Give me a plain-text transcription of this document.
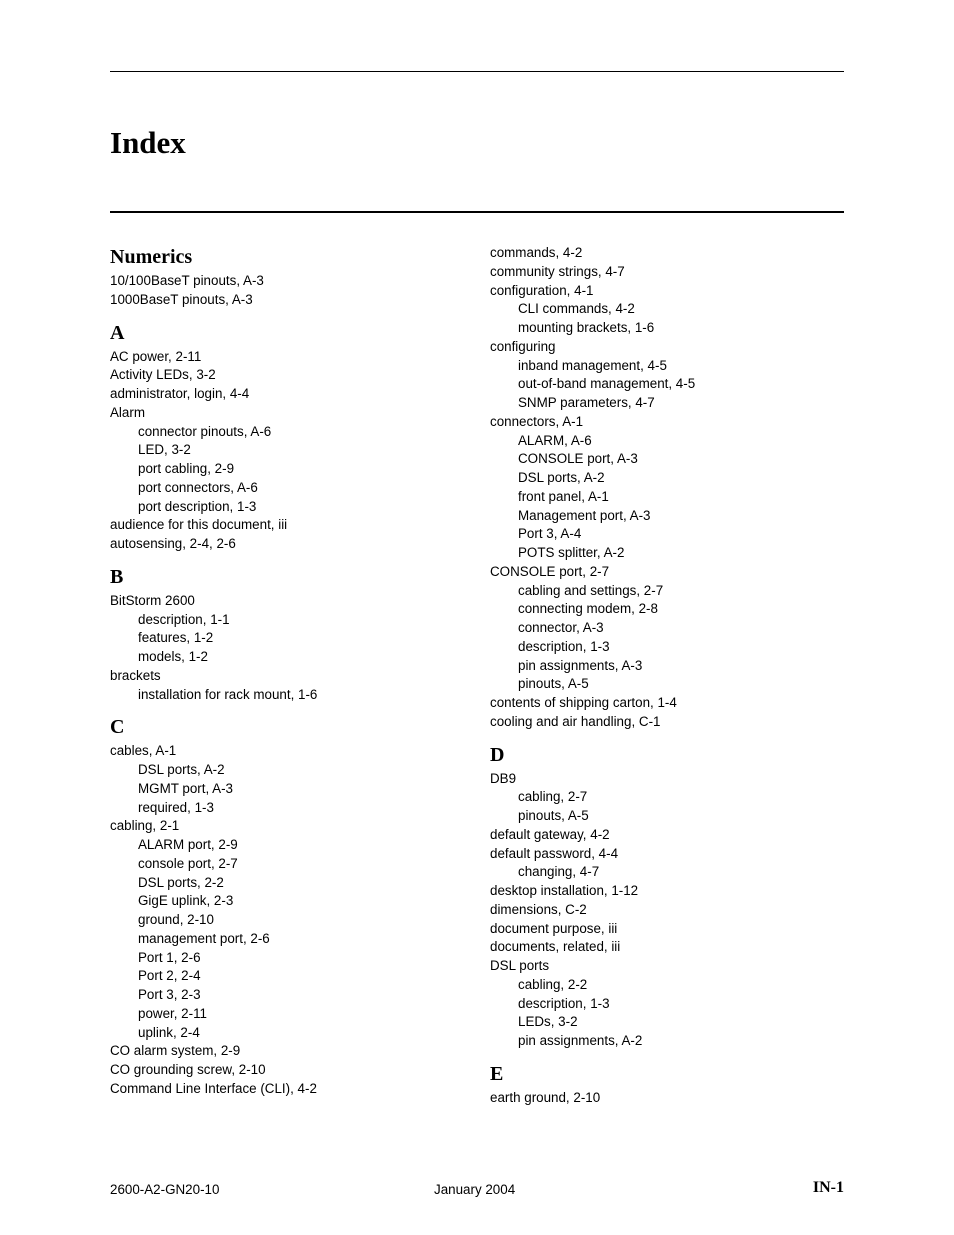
Index
Numerics
10/100BaseT pinouts, A-3
1000BaseT pinouts, A-3
A
AC power, 2-11
Activity LEDs, 3-2
administrator, login, 4-4
Alarm
connector pinouts, A-6
LED, 3-2
port cabling, 2-9
port connectors, A-6
port description, 1-3
audience for this document, iii
autosensing, 2-4, 2-6
B
BitStorm 2600
description, 1-1
features, 1-2
models, 1-2
brackets
installation for rack mount, 1-6
C
cables, A-1
DSL ports, A-2
MGMT port, A-3
required, 1-3
cabling, 2-1
ALARM port, 2-9
console port, 2-7
DSL ports, 2-2
GigE uplink, 2-3
ground, 2-10
management port, 2-6
Port 1, 2-6
Port 2, 2-4
Port 3, 2-3
power, 2-11
uplink, 2-4
CO alarm system, 2-9
CO grounding screw, 2-10
Command Line Interface (CLI), 4-2
commands, 4-2
community strings, 4-7
configuration, 4-1
CLI commands, 4-2
mounting brackets, 1-6
configuring
inband management, 4-5
out-of-band management, 4-5
SNMP parameters, 4-7
connectors, A-1
ALARM, A-6
CONSOLE port, A-3
DSL ports, A-2
front panel, A-1
Management port, A-3
Port 3, A-4
POTS splitter, A-2
CONSOLE port, 2-7
cabling and settings, 2-7
connecting modem, 2-8
connector, A-3
description, 1-3
pin assignments, A-3
pinouts, A-5
contents of shipping carton, 1-4
cooling and air handling, C-1
D
DB9
cabling, 2-7
pinouts, A-5
default gateway, 4-2
default password, 4-4
changing, 4-7
desktop installation, 1-12
dimensions, C-2
document purpose, iii
documents, related, iii
DSL ports
cabling, 2-2
description, 1-3
LEDs, 3-2
pin assignments, A-2
E
earth ground, 2-10
2600-A2-GN20-10	January 2004	IN-1
